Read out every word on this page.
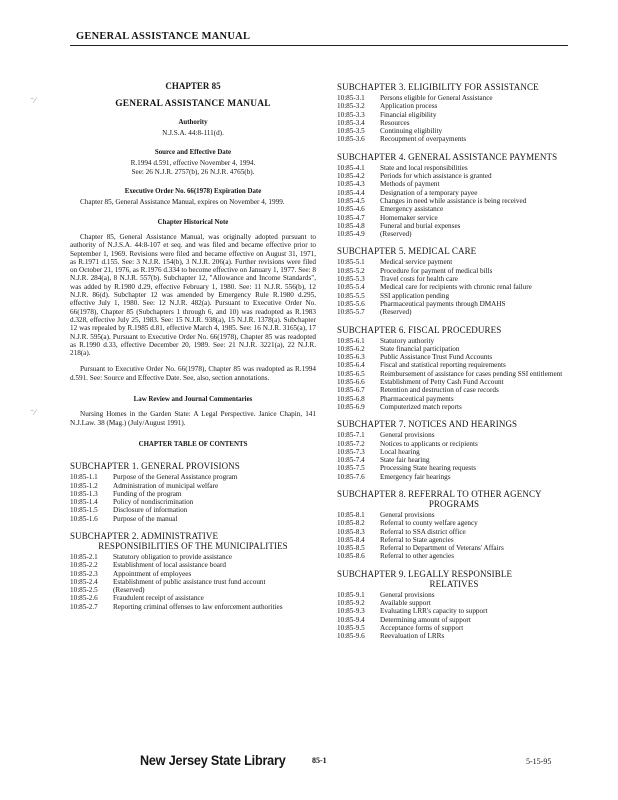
GENERAL ASSISTANCE MANUAL
⁻⁄
⁻⁄
CHAPTER 85
GENERAL ASSISTANCE MANUAL
Authority

N.J.S.A. 44:8-111(d).

Source and Effective Date

R.1994 d.591, effective November 4, 1994.

See: 26 N.J.R. 2757(b), 26 N.J.R. 4765(b).

Executive Order No. 66(1978) Expiration Date

Chapter 85, General Assistance Manual, expires on November 4, 1999.

Chapter Historical Note

Chapter 85, General Assistance Manual, was originally adopted pursuant to authority of N.J.S.A. 44:8-107 et seq. and was filed and became effective prior to September 1, 1969. Revisions were filed and became effective on August 31, 1971, as R.1971 d.155. See: 3 N.J.R. 154(b), 3 N.J.R. 206(a). Further revisions were filed on October 21, 1976, as R.1976 d.334 to become effective on January 1, 1977. See: 8 N.J.R. 284(a), 8 N.J.R. 557(b). Subchapter 12, "Allowance and Income Standards", was added by R.1980 d.29, effective February 1, 1980. See: 11 N.J.R. 556(b), 12 N.J.R. 86(d). Subchapter 12 was amended by Emergency Rule R.1980 d.295, effective July 1, 1980. See: 12 N.J.R. 482(a). Pursuant to Executive Order No. 66(1978), Chapter 85 (Subchapters 1 through 6, and 10) was readopted as R.1983 d.328, effective July 25, 1983. See: 15 N.J.R. 938(a), 15 N.J.R. 1378(a). Subchapter 12 was repealed by R.1985 d.81, effective March 4, 1985. See: 16 N.J.R. 3165(a), 17 N.J.R. 595(a). Pursuant to Executive Order No. 66(1978), Chapter 85 was readopted as R.1990 d.33, effective December 20, 1989. See: 21 N.J.R. 3221(a), 22 N.J.R. 218(a).

Pursuant to Executive Order No. 66(1978), Chapter 85 was readopted as R.1994 d.591. See: Source and Effective Date. See, also, section annotations.

Law Review and Journal Commentaries

Nursing Homes in the Garden State: A Legal Perspective. Janice Chapin, 141 N.J.Law. 38 (Mag.) (July/August 1991).

CHAPTER TABLE OF CONTENTS
SUBCHAPTER 1. GENERAL PROVISIONS
10:85-1.1	Purpose of the General Assistance program
10:85-1.2	Administration of municipal welfare
10:85-1.3	Funding of the program
10:85-1.4	Policy of nondiscrimination
10:85-1.5	Disclosure of information
10:85-1.6	Purpose of the manual
SUBCHAPTER 2. ADMINISTRATIVE
RESPONSIBILITIES OF THE MUNICIPALITIES
10:85-2.1	Statutory obligation to provide assistance
10:85-2.2	Establishment of local assistance board
10:85-2.3	Appointment of employees
10:85-2.4	Establishment of public assistance trust fund account
10:85-2.5	(Reserved)
10:85-2.6	Fraudulent receipt of assistance
10:85-2.7	Reporting criminal offenses to law enforcement authorities
SUBCHAPTER 3. ELIGIBILITY FOR ASSISTANCE
10:85-3.1	Persons eligible for General Assistance
10:85-3.2	Application process
10:85-3.3	Financial eligibility
10:85-3.4	Resources
10:85-3.5	Continuing eligibility
10:85-3.6	Recoupment of overpayments
SUBCHAPTER 4. GENERAL ASSISTANCE PAYMENTS
10:85-4.1	State and local responsibilities
10:85-4.2	Periods for which assistance is granted
10:85-4.3	Methods of payment
10:85-4.4	Designation of a temporary payee
10:85-4.5	Changes in need while assistance is being received
10:85-4.6	Emergency assistance
10:85-4.7	Homemaker service
10:85-4.8	Funeral and burial expenses
10:85-4.9	(Reserved)
SUBCHAPTER 5. MEDICAL CARE
10:85-5.1	Medical service payment
10:85-5.2	Procedure for payment of medical bills
10:85-5.3	Travel costs for health care
10:85-5.4	Medical care for recipients with chronic renal failure
10:85-5.5	SSI application pending
10:85-5.6	Pharmaceutical payments through DMAHS
10:85-5.7	(Reserved)
SUBCHAPTER 6. FISCAL PROCEDURES
10:85-6.1	Statutory authority
10:85-6.2	State financial participation
10:85-6.3	Public Assistance Trust Fund Accounts
10:85-6.4	Fiscal and statistical reporting requirements
10:85-6.5	Reimbursement of assistance for cases pending SSI entitlement
10:85-6.6	Establishment of Petty Cash Fund Account
10:85-6.7	Retention and destruction of case records
10:85-6.8	Pharmaceutical payments
10:85-6.9	Computerized match reports
SUBCHAPTER 7. NOTICES AND HEARINGS
10:85-7.1	General provisions
10:85-7.2	Notices to applicants or recipients
10:85-7.3	Local hearing
10:85-7.4	State fair hearing
10:85-7.5	Processing State hearing requests
10:85-7.6	Emergency fair hearings
SUBCHAPTER 8. REFERRAL TO OTHER AGENCY
PROGRAMS
10:85-8.1	General provisions
10:85-8.2	Referral to county welfare agency
10:85-8.3	Referral to SSA district office
10:85-8.4	Referral to State agencies
10:85-8.5	Referral to Department of Veterans' Affairs
10:85-8.6	Referral to other agencies
SUBCHAPTER 9. LEGALLY RESPONSIBLE
RELATIVES
10:85-9.1	General provisions
10:85-9.2	Available support
10:85-9.3	Evaluating LRR's capacity to support
10:85-9.4	Determining amount of support
10:85-9.5	Acceptance forms of support
10:85-9.6	Reevaluation of LRRs
New Jersey State Library	85-1	5-15-95
